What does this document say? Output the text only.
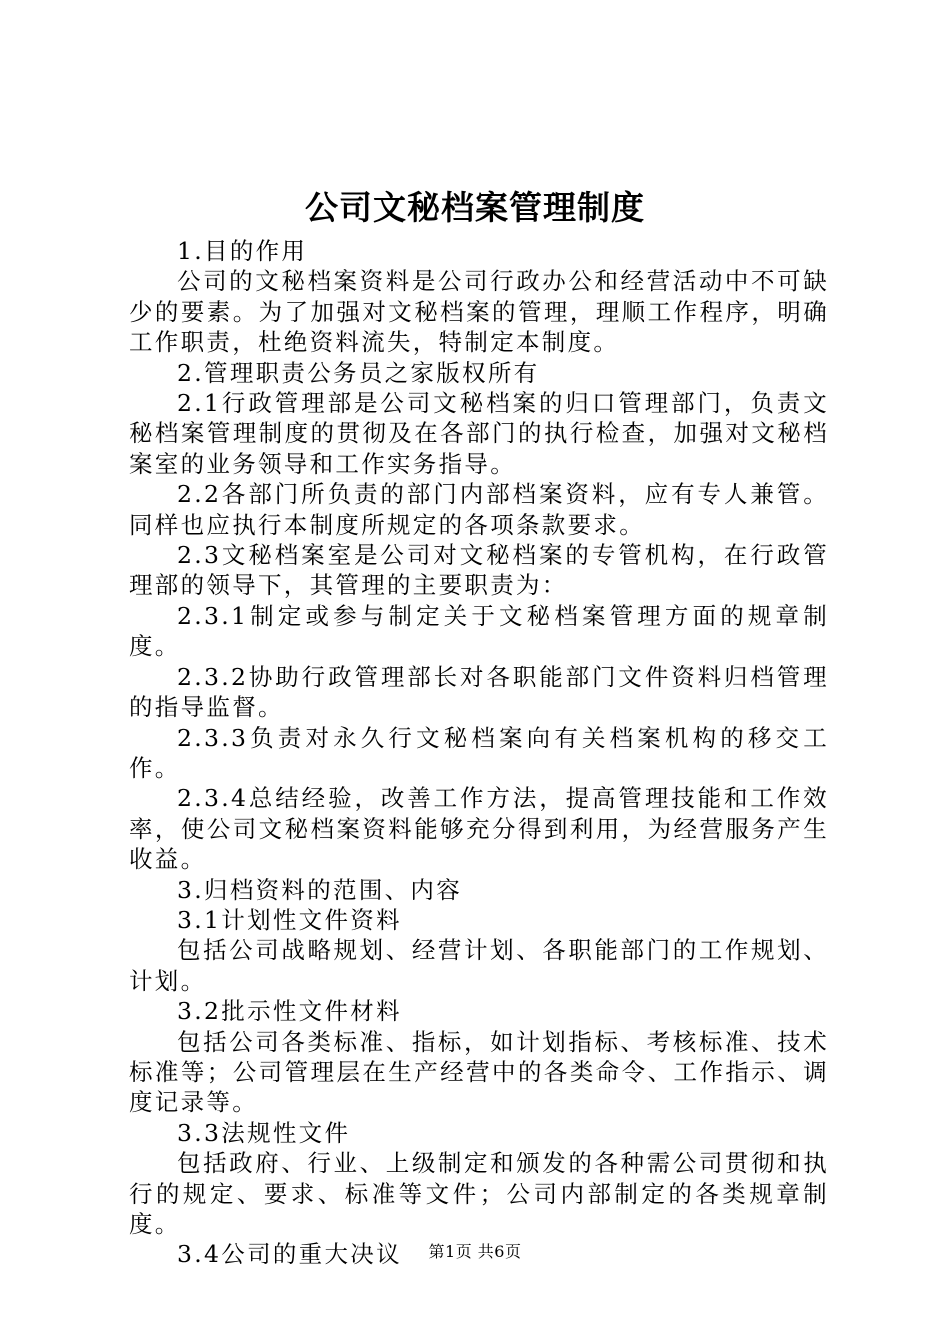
公司文秘档案管理制度

1.目的作用

公司的文秘档案资料是公司行政办公和经营活动中不可缺少的要素。为了加强对文秘档案的管理，理顺工作程序，明确工作职责，杜绝资料流失，特制定本制度。

2.管理职责公务员之家版权所有

2.1行政管理部是公司文秘档案的归口管理部门，负责文秘档案管理制度的贯彻及在各部门的执行检查，加强对文秘档案室的业务领导和工作实务指导。

2.2各部门所负责的部门内部档案资料，应有专人兼管。同样也应执行本制度所规定的各项条款要求。

2.3文秘档案室是公司对文秘档案的专管机构，在行政管理部的领导下，其管理的主要职责为：

2.3.1制定或参与制定关于文秘档案管理方面的规章制度。

2.3.2协助行政管理部长对各职能部门文件资料归档管理的指导监督。

2.3.3负责对永久行文秘档案向有关档案机构的移交工作。

2.3.4总结经验，改善工作方法，提高管理技能和工作效率，使公司文秘档案资料能够充分得到利用，为经营服务产生收益。

3.归档资料的范围、内容

3.1计划性文件资料

包括公司战略规划、经营计划、各职能部门的工作规划、计划。

3.2批示性文件材料

包括公司各类标准、指标，如计划指标、考核标准、技术标准等；公司管理层在生产经营中的各类命令、工作指示、调度记录等。

3.3法规性文件

包括政府、行业、上级制定和颁发的各种需公司贯彻和执行的规定、要求、标准等文件；公司内部制定的各类规章制度。

3.4公司的重大决议	第1页 共6页
